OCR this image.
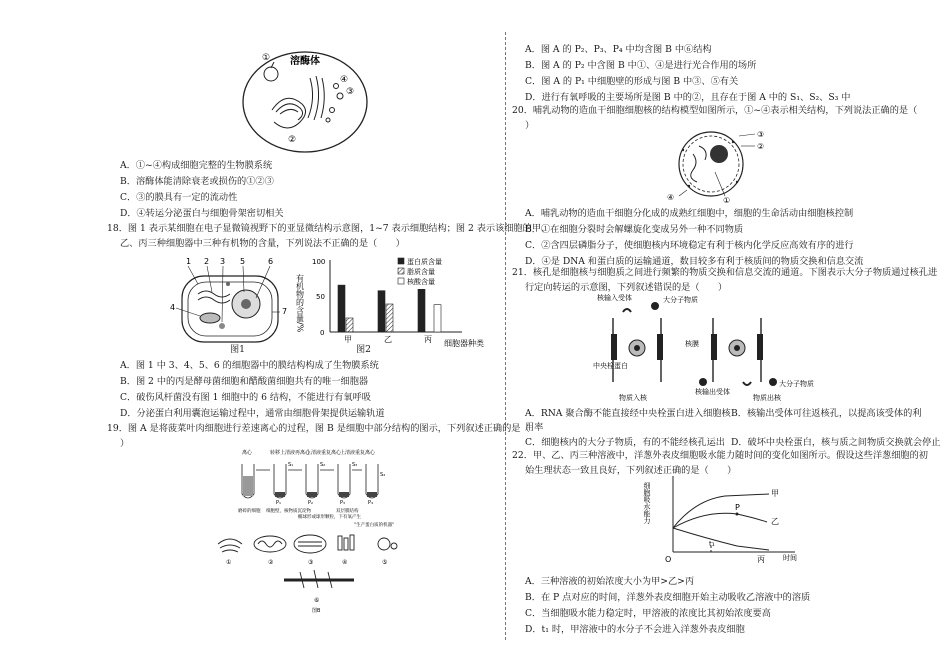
溶酶体
①
②
③
④
A．①~④构成细胞完整的生物膜系统
B．溶酶体能清除衰老或损伤的①②③
C．③的膜具有一定的流动性
D．④转运分泌蛋白与细胞骨架密切相关
18．图 1 表示某细胞在电子显微镜视野下的亚显微结构示意图，1~7 表示细胞结构；图 2 表示该细胞的甲、
乙、丙三种细胞器中三种有机物的含量，下列说法不正确的是（　　）
1 2 3
4
5	6
7
图1
有机物的含量/%
0
50
100
甲	乙	丙
蛋白质含量
脂质含量
核酸含量
细胞器种类
图2
A．图 1 中 3、4、5、6 的细胞器中的膜结构构成了生物膜系统
B．图 2 中的丙是酵母菌细胞和醋酸菌细胞共有的唯一细胞器
C．破伤风杆菌没有图 1 细胞中的 6 结构，不能进行有氧呼吸
D．分泌蛋白利用囊泡运输过程中，通常由细胞骨架提供运输轨道
19．图 A 是将菠菜叶肉细胞进行差速离心的过程，图 B 是细胞中部分结构的图示，下列叙述正确的是（
）
离心	转移上清液再离心
上清液重复离心
上清液重复离心
P₁	P₂	P₃	P₄
S₁	S₂	S₃
S₄
磨碎的细胞 细胞壁，核物质沉淀物
椭球形或球形颗粒，下有氧产生
双层膜结构
"生产蛋白质的机器"
①	②	③	④	⑤
⑥
图B
A．图 A 的 P₂、P₃、P₄ 中均含图 B 中⑥结构
B．图 A 的 P₂ 中含图 B 中①、④是进行光合作用的场所
C．图 A 的 P₁ 中细胞壁的形成与图 B 中③、⑤有关
D．进行有氧呼吸的主要场所是图 B 中的②，且存在于图 A 中的 S₁、S₂、S₃ 中
20．哺乳动物的造血干细胞细胞核的结构模型如图所示，①~④表示相关结构，下列说法正确的是（
）
③
②
④	①
A．哺乳动物的造血干细胞分化成的成熟红细胞中，细胞的生命活动由细胞核控制
B．①在细胞分裂时会解螺旋化变成另外一种不同物质
C．②含四层磷脂分子，使细胞核内环境稳定有利于核内化学反应高效有序的进行
D．④是 DNA 和蛋白质的运输通道，数目较多有利于核质间的物质交换和信息交流
21．核孔是细胞核与细胞质之间进行频繁的物质交换和信息交流的通道。下图表示大分子物质通过核孔进
行定向转运的示意图，下列叙述错误的是（　　）
核输入受体	大分子物质
核膜
中央栓蛋白
核输出受体
大分子物质
物质入核	物质出核
A．RNA 聚合酶不能直接经中央栓蛋白进入细胞核 B．核输出受体可往返核孔，以提高该受体的利
用率
C．细胞核内的大分子物质，有的不能经核孔运出 D．破坏中央栓蛋白，核与质之间物质交换就会停止
22．甲、乙、丙三种溶液中，洋葱外表皮细胞吸水能力随时间的变化如图所示。假设这些洋葱细胞的初
始生理状态一致且良好，下列叙述正确的是（　　）
细胞吸水能力
O
t₁
P
甲
乙
丙	时间
A．三种溶液的初始浓度大小为甲>乙>丙
B．在 P 点对应的时间，洋葱外表皮细胞开始主动吸收乙溶液中的溶质
C．当细胞吸水能力稳定时，甲溶液的浓度比其初始浓度要高
D．t₁ 时，甲溶液中的水分子不会进入洋葱外表皮细胞
